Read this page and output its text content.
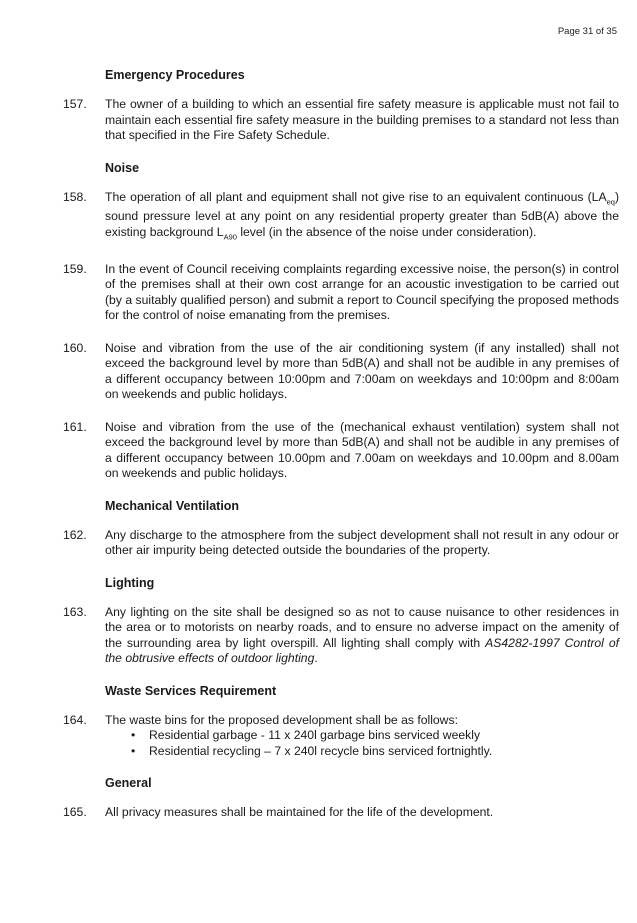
Page 31 of 35
Emergency Procedures
157.	The owner of a building to which an essential fire safety measure is applicable must not fail to maintain each essential fire safety measure in the building premises to a standard not less than that specified in the Fire Safety Schedule.
Noise
158.	The operation of all plant and equipment shall not give rise to an equivalent continuous $(LA_{eq})$ sound pressure level at any point on any residential property greater than 5dB(A) above the existing background $L_{A90}$ level (in the absence of the noise under consideration).
159.	In the event of Council receiving complaints regarding excessive noise, the person(s) in control of the premises shall at their own cost arrange for an acoustic investigation to be carried out (by a suitably qualified person) and submit a report to Council specifying the proposed methods for the control of noise emanating from the premises.
160.	Noise and vibration from the use of the air conditioning system (if any installed) shall not exceed the background level by more than 5dB(A) and shall not be audible in any premises of a different occupancy between 10:00pm and 7:00am on weekdays and 10:00pm and 8:00am on weekends and public holidays.
161.	Noise and vibration from the use of the (mechanical exhaust ventilation) system shall not exceed the background level by more than 5dB(A) and shall not be audible in any premises of a different occupancy between 10.00pm and 7.00am on weekdays and 10.00pm and 8.00am on weekends and public holidays.
Mechanical Ventilation
162.	Any discharge to the atmosphere from the subject development shall not result in any odour or other air impurity being detected outside the boundaries of the property.
Lighting
163.	Any lighting on the site shall be designed so as not to cause nuisance to other residences in the area or to motorists on nearby roads, and to ensure no adverse impact on the amenity of the surrounding area by light overspill. All lighting shall comply with AS4282-1997 Control of the obtrusive effects of outdoor lighting.
Waste Services Requirement
164.	The waste bins for the proposed development shall be as follows:
• Residential garbage - 11 x 240l garbage bins serviced weekly
• Residential recycling – 7 x 240l recycle bins serviced fortnightly.
General
165.	All privacy measures shall be maintained for the life of the development.
